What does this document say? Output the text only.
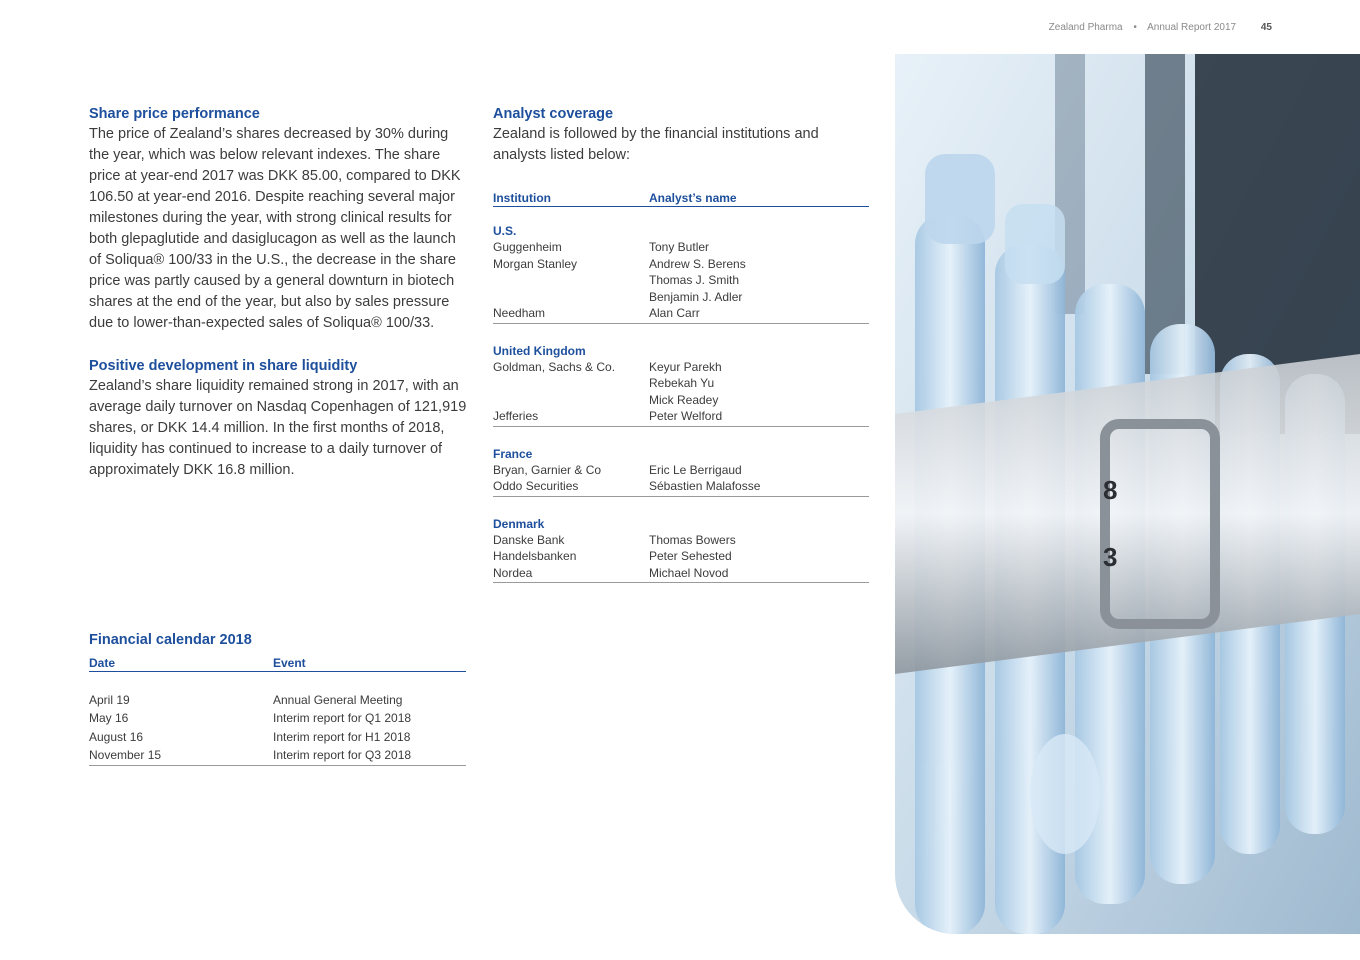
Zealand Pharma • Annual Report 2017 45
Share price performance

The price of Zealand’s shares decreased by 30% during the year, which was below relevant indexes. The share price at year-end 2017 was DKK 85.00, compared to DKK 106.50 at year-end 2016. Despite reaching several major milestones during the year, with strong clinical results for both glepaglutide and dasiglucagon as well as the launch of Soliqua® 100/33 in the U.S., the decrease in the share price was partly caused by a general downturn in biotech shares at the end of the year, but also by sales pressure due to lower-than-expected sales of Soliqua® 100/33.

Positive development in share liquidity

Zealand’s share liquidity remained strong in 2017, with an average daily turnover on Nasdaq Copenhagen of 121,919 shares, or DKK 14.4 million. In the first months of 2018, liquidity has continued to increase to a daily turnover of approximately DKK 16.8 million.

Analyst coverage

Zealand is followed by the financial institutions and analysts listed below:

Institution	Analyst’s name
U.S.
Guggenheim	Tony Butler
Morgan Stanley	Andrew S. Berens
Thomas J. Smith
Benjamin J. Adler
Needham	Alan Carr
United Kingdom
Goldman, Sachs & Co.	Keyur Parekh
Rebekah Yu
Mick Readey
Jefferies	Peter Welford
France
Bryan, Garnier & Co	Eric Le Berrigaud
Oddo Securities	Sébastien Malafosse
Denmark
Danske Bank	Thomas Bowers
Handelsbanken	Peter Sehested
Nordea	Michael Novod
Financial calendar 2018
Date	Event
April 19	Annual General Meeting
May 16	Interim report for Q1 2018
August 16	Interim report for H1 2018
November 15	Interim report for Q3 2018
8
3
